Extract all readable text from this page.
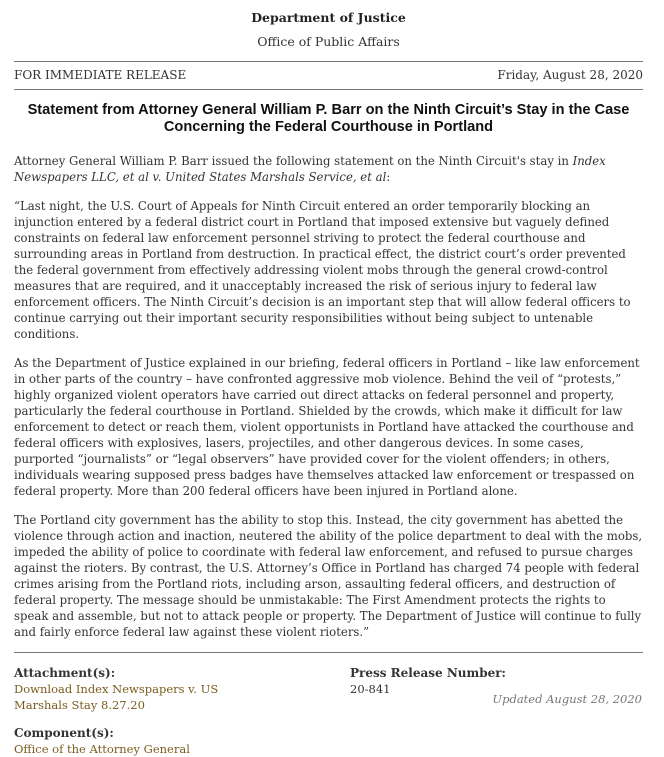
Department of Justice
Office of Public Affairs
FOR IMMEDIATE RELEASE	Friday, August 28, 2020
Statement from Attorney General William P. Barr on the Ninth Circuit’s Stay in the Case Concerning the Federal Courthouse in Portland

Attorney General William P. Barr issued the following statement on the Ninth Circuit's stay in Index Newspapers LLC, et al v. United States Marshals Service, et al:

“Last night, the U.S. Court of Appeals for Ninth Circuit entered an order temporarily blocking an injunction entered by a federal district court in Portland that imposed extensive but vaguely defined constraints on federal law enforcement personnel striving to protect the federal courthouse and surrounding areas in Portland from destruction. In practical effect, the district court’s order prevented the federal government from effectively addressing violent mobs through the general crowd-control measures that are required, and it unacceptably increased the risk of serious injury to federal law enforcement officers. The Ninth Circuit’s decision is an important step that will allow federal officers to continue carrying out their important security responsibilities without being subject to untenable conditions.

As the Department of Justice explained in our briefing, federal officers in Portland – like law enforcement in other parts of the country – have confronted aggressive mob violence. Behind the veil of “protests,” highly organized violent operators have carried out direct attacks on federal personnel and property, particularly the federal courthouse in Portland. Shielded by the crowds, which make it difficult for law enforcement to detect or reach them, violent opportunists in Portland have attacked the courthouse and federal officers with explosives, lasers, projectiles, and other dangerous devices. In some cases, purported “journalists” or “legal observers” have provided cover for the violent offenders; in others, individuals wearing supposed press badges have themselves attacked law enforcement or trespassed on federal property. More than 200 federal officers have been injured in Portland alone.

The Portland city government has the ability to stop this. Instead, the city government has abetted the violence through action and inaction, neutered the ability of the police department to deal with the mobs, impeded the ability of police to coordinate with federal law enforcement, and refused to pursue charges against the rioters. By contrast, the U.S. Attorney’s Office in Portland has charged 74 people with federal crimes arising from the Portland riots, including arson, assaulting federal officers, and destruction of federal property. The message should be unmistakable: The First Amendment protects the rights to speak and assemble, but not to attack people or property. The Department of Justice will continue to fully and fairly enforce federal law against these violent rioters.”

Attachment(s):
Download Index Newspapers v. US Marshals Stay 8.27.20
Press Release Number:
20-841
Component(s):
Office of the Attorney General
Updated August 28, 2020
